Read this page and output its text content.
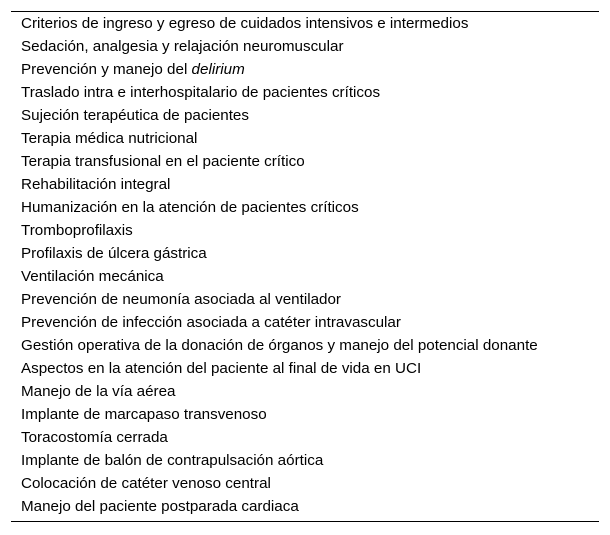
Criterios de ingreso y egreso de cuidados intensivos e intermedios
Sedación, analgesia y relajación neuromuscular
Prevención y manejo del delirium
Traslado intra e interhospitalario de pacientes críticos
Sujeción terapéutica de pacientes
Terapia médica nutricional
Terapia transfusional en el paciente crítico
Rehabilitación integral
Humanización en la atención de pacientes críticos
Tromboprofilaxis
Profilaxis de úlcera gástrica
Ventilación mecánica
Prevención de neumonía asociada al ventilador
Prevención de infección asociada a catéter intravascular
Gestión operativa de la donación de órganos y manejo del potencial donante
Aspectos en la atención del paciente al final de vida en UCI
Manejo de la vía aérea
Implante de marcapaso transvenoso
Toracostomía cerrada
Implante de balón de contrapulsación aórtica
Colocación de catéter venoso central
Manejo del paciente postparada cardiaca
